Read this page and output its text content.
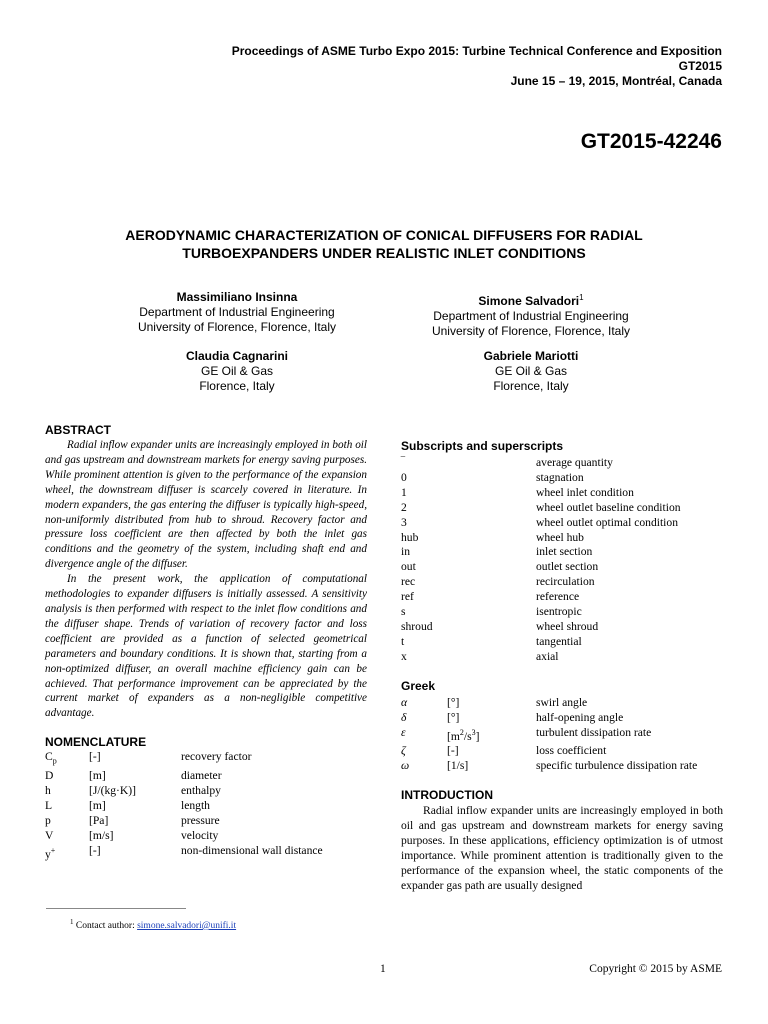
Proceedings of ASME Turbo Expo 2015: Turbine Technical Conference and Exposition
GT2015
June 15 – 19, 2015, Montréal, Canada
GT2015-42246
AERODYNAMIC CHARACTERIZATION OF CONICAL DIFFUSERS FOR RADIAL
TURBOEXPANDERS UNDER REALISTIC INLET CONDITIONS
Massimiliano Insinna
Department of Industrial Engineering
University of Florence, Florence, Italy
Simone Salvadori$^1$
Department of Industrial Engineering
University of Florence, Florence, Italy
Claudia Cagnarini
GE Oil & Gas
Florence, Italy
Gabriele Mariotti
GE Oil & Gas
Florence, Italy
ABSTRACT

Radial inflow expander units are increasingly employed in both oil and gas upstream and downstream markets for energy saving purposes. While prominent attention is given to the performance of the expansion wheel, the downstream diffuser is scarcely covered in literature. In modern expanders, the gas entering the diffuser is typically high-speed, non-uniformly distributed from hub to shroud. Recovery factor and pressure loss coefficient are then affected by both the inlet gas conditions and the geometry of the system, including shaft end and divergence angle of the diffuser.

In the present work, the application of computational methodologies to expander diffusers is initially assessed. A sensitivity analysis is then performed with respect to the inlet flow conditions and the diffuser shape. Trends of variation of recovery factor and loss coefficient are provided as a function of selected geometrical parameters and boundary conditions. It is shown that, starting from a non-optimized diffuser, an overall machine efficiency gain can be achieved. That performance improvement can be appreciated by the current market of expanders as a non-negligible competitive advantage.

NOMENCLATURE
$C_p$	[-]	recovery factor
D	[m]	diameter
h	[J/(kg·K)]	enthalpy
L	[m]	length
p	[Pa]	pressure
V	[m/s]	velocity
y+	[-]	non-dimensional wall distance
Subscripts and superscripts
‾	average quantity
0	stagnation
1	wheel inlet condition
2	wheel outlet baseline condition
3	wheel outlet optimal condition
hub	wheel hub
in	inlet section
out	outlet section
rec	recirculation
ref	reference
s	isentropic
shroud	wheel shroud
t	tangential
x	axial
Greek
α	[°]	swirl angle
δ	[°]	half-opening angle
ε	$[m^2/s^3]$	turbulent dissipation rate
ζ	[-]	loss coefficient
ω	[1/s]	specific turbulence dissipation rate
INTRODUCTION

Radial inflow expander units are increasingly employed in both oil and gas upstream and downstream markets for energy saving purposes. In these applications, efficiency optimization is of utmost importance. While prominent attention is traditionally given to the performance of the expansion wheel, the static components of the expander gas path are usually designed

$^1$ Contact author: simone.salvadori@unifi.it
1	Copyright © 2015 by ASME
